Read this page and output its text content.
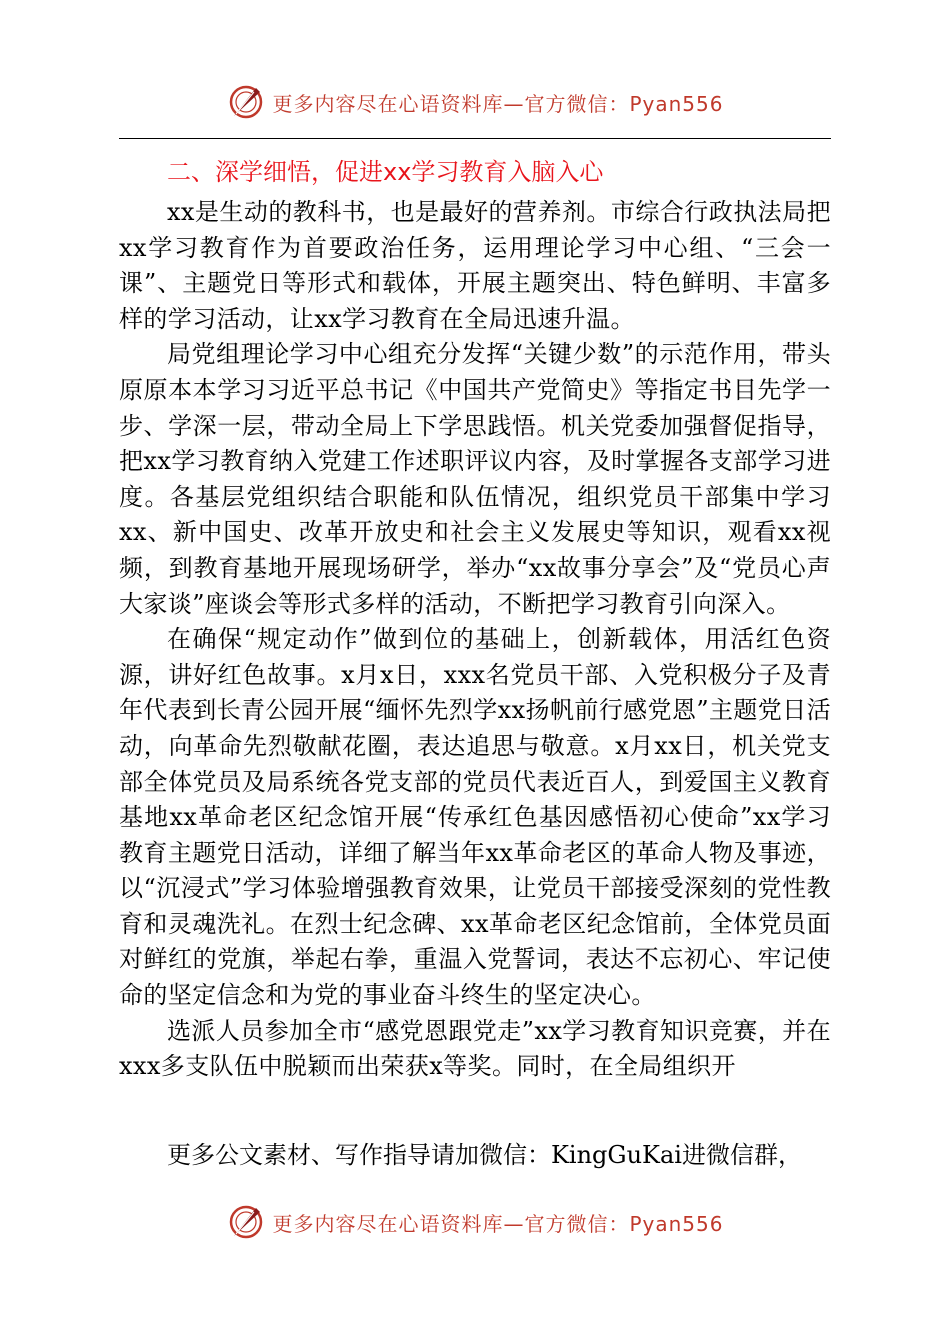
更多内容尽在心语资料库—官方微信：Pyan556

二、深学细悟，促进xx学习教育入脑入心

xx是生动的教科书，也是最好的营养剂。市综合行政执法局把xx学习教育作为首要政治任务，运用理论学习中心组、“三会一课”、主题党日等形式和载体，开展主题突出、特色鲜明、丰富多样的学习活动，让xx学习教育在全局迅速升温。

局党组理论学习中心组充分发挥“关键少数”的示范作用，带头原原本本学习习近平总书记《中国共产党简史》等指定书目先学一步、学深一层，带动全局上下学思践悟。机关党委加强督促指导，把xx学习教育纳入党建工作述职评议内容，及时掌握各支部学习进度。各基层党组织结合职能和队伍情况，组织党员干部集中学习xx、新中国史、改革开放史和社会主义发展史等知识，观看xx视频，到教育基地开展现场研学，举办“xx故事分享会”及“党员心声大家谈”座谈会等形式多样的活动，不断把学习教育引向深入。

在确保“规定动作”做到位的基础上，创新载体，用活红色资源，讲好红色故事。x月x日，xxx名党员干部、入党积极分子及青年代表到长青公园开展“缅怀先烈学xx扬帆前行感党恩”主题党日活动，向革命先烈敬献花圈，表达追思与敬意。x月xx日，机关党支部全体党员及局系统各党支部的党员代表近百人，到爱国主义教育基地xx革命老区纪念馆开展“传承红色基因感悟初心使命”xx学习教育主题党日活动，详细了解当年xx革命老区的革命人物及事迹，以“沉浸式”学习体验增强教育效果，让党员干部接受深刻的党性教育和灵魂洗礼。在烈士纪念碑、xx革命老区纪念馆前，全体党员面对鲜红的党旗，举起右拳，重温入党誓词，表达不忘初心、牢记使命的坚定信念和为党的事业奋斗终生的坚定决心。

选派人员参加全市“感党恩跟党走”xx学习教育知识竞赛，并在xxx多支队伍中脱颖而出荣获x等奖。同时，在全局组织开

更多公文素材、写作指导请加微信：KingGuKai进微信群，

更多内容尽在心语资料库—官方微信：Pyan556
